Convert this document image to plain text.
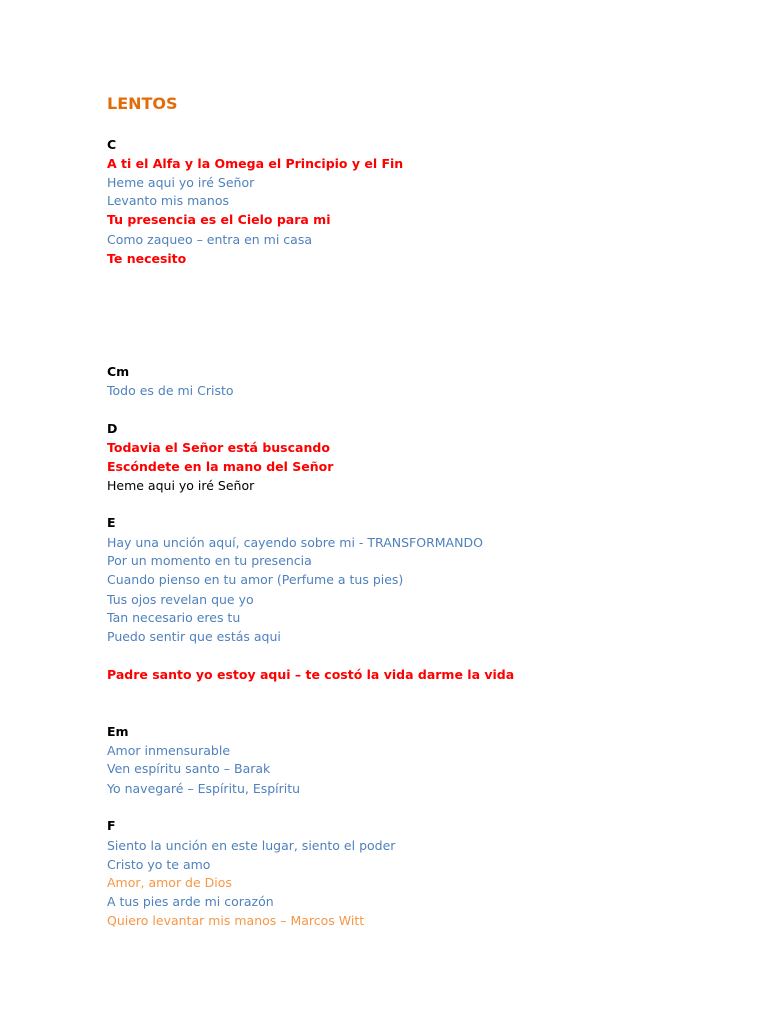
LENTOS

C

A ti el Alfa y la Omega el Principio y el Fin

Heme aqui yo iré Señor

Levanto mis manos

Tu presencia es el Cielo para mi

Como zaqueo – entra en mi casa

Te necesito

Cm

Todo es de mi Cristo

D

Todavia el Señor está buscando

Escóndete en la mano del Señor

Heme aqui yo iré Señor

E

Hay una unción aquí, cayendo sobre mi - TRANSFORMANDO

Por un momento en tu presencia

Cuando pienso en tu amor (Perfume a tus pies)

Tus ojos revelan que yo

Tan necesario eres tu

Puedo sentir que estás aqui

Padre santo yo estoy aqui – te costó la vida darme la vida

Em

Amor inmensurable

Ven espíritu santo – Barak

Yo navegaré – Espíritu, Espíritu

F

Siento la unción en este lugar, siento el poder

Cristo yo te amo

Amor, amor de Dios

A tus pies arde mi corazón

Quiero levantar mis manos – Marcos Witt
